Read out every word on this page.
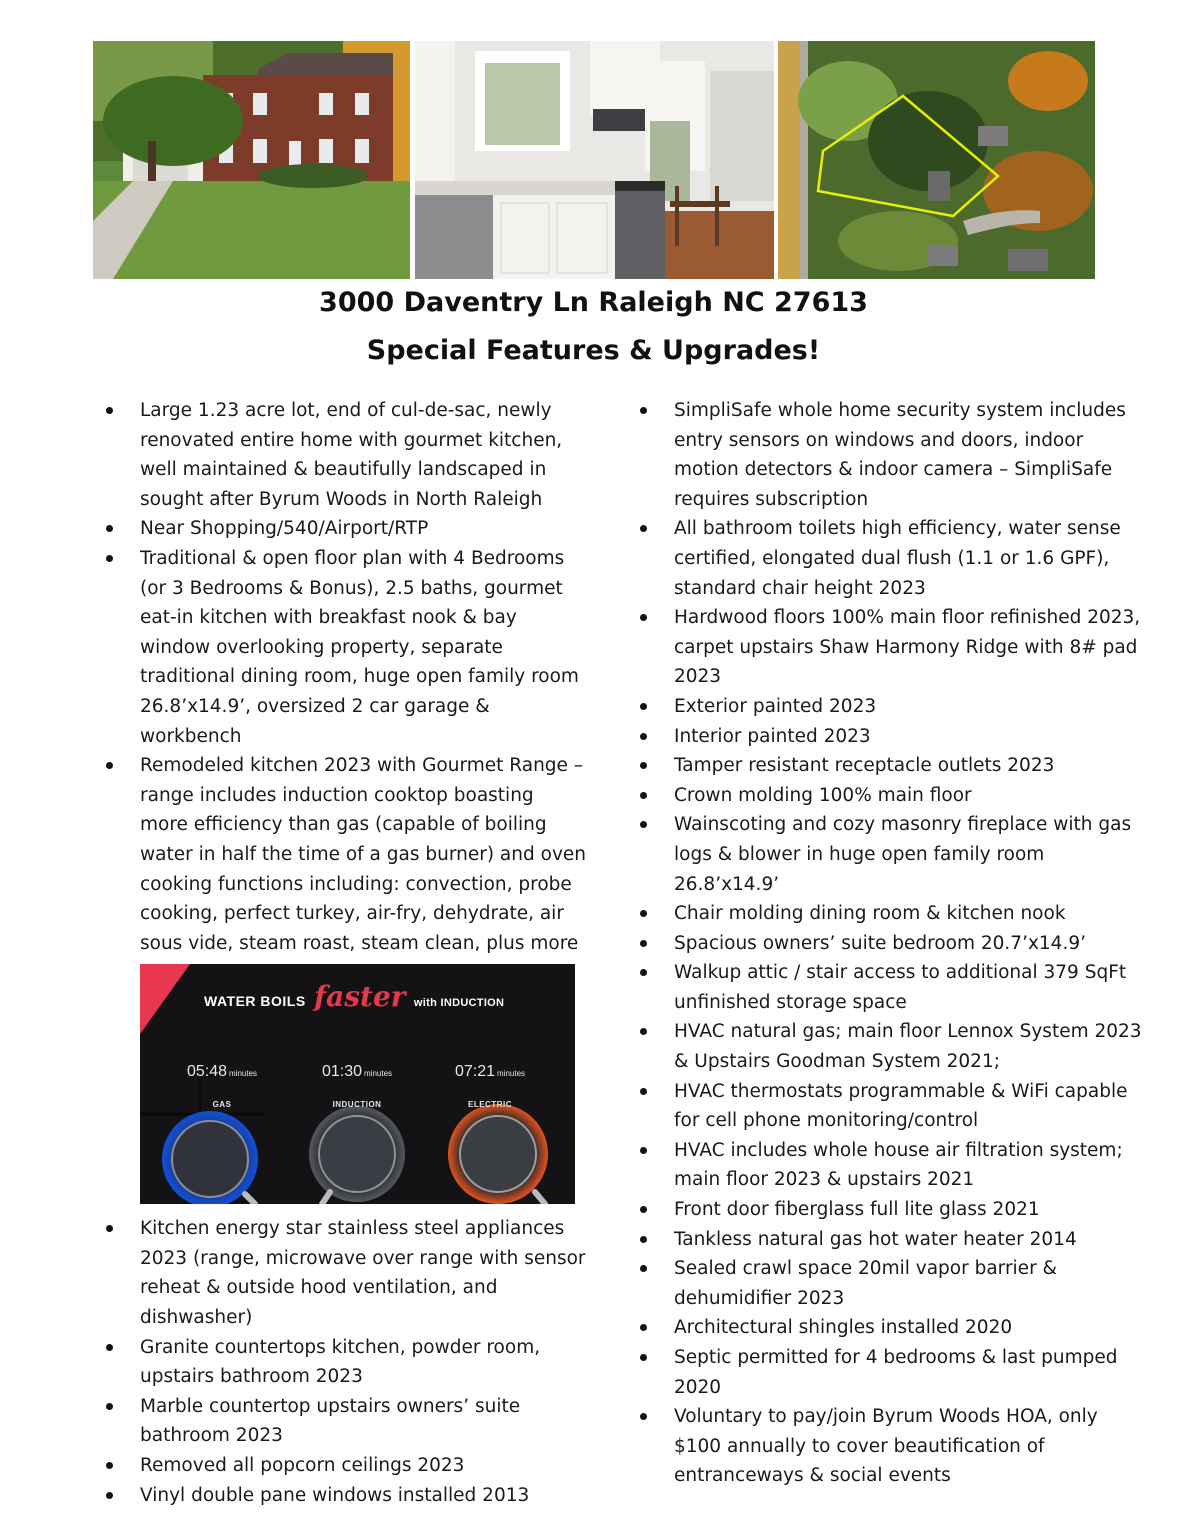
3000 Daventry Ln Raleigh NC 27613
Special Features & Upgrades!
Large 1.23 acre lot, end of cul-de-sac, newly renovated entire home with gourmet kitchen, well maintained & beautifully landscaped in sought after Byrum Woods in North Raleigh
Near Shopping/540/Airport/RTP
Traditional & open floor plan with 4 Bedrooms (or 3 Bedrooms & Bonus), 2.5 baths, gourmet eat-in kitchen with breakfast nook & bay window overlooking property, separate traditional dining room, huge open family room 26.8’x14.9’, oversized 2 car garage & workbench
Remodeled kitchen 2023 with Gourmet Range – range includes induction cooktop boasting more efficiency than gas (capable of boiling water in half the time of a gas burner) and oven cooking functions including: convection, probe cooking, perfect turkey, air-fry, dehydrate, air sous vide, steam roast, steam clean, plus more
WATER BOILS faster with INDUCTION
05:48 minutes
GAS
01:30 minutes
INDUCTION
07:21 minutes
ELECTRIC
Kitchen energy star stainless steel appliances 2023 (range, microwave over range with sensor reheat & outside hood ventilation, and dishwasher)
Granite countertops kitchen, powder room, upstairs bathroom 2023
Marble countertop upstairs owners’ suite bathroom 2023
Removed all popcorn ceilings 2023
Vinyl double pane windows installed 2013
SimpliSafe whole home security system includes entry sensors on windows and doors, indoor motion detectors & indoor camera – SimpliSafe requires subscription
All bathroom toilets high efficiency, water sense certified, elongated dual flush (1.1 or 1.6 GPF), standard chair height 2023
Hardwood floors 100% main floor refinished 2023, carpet upstairs Shaw Harmony Ridge with 8# pad 2023
Exterior painted 2023
Interior painted 2023
Tamper resistant receptacle outlets 2023
Crown molding 100% main floor
Wainscoting and cozy masonry fireplace with gas logs & blower in huge open family room 26.8’x14.9’
Chair molding dining room & kitchen nook
Spacious owners’ suite bedroom 20.7’x14.9’
Walkup attic / stair access to additional 379 SqFt unfinished storage space
HVAC natural gas; main floor Lennox System 2023 & Upstairs Goodman System 2021;
HVAC thermostats programmable & WiFi capable for cell phone monitoring/control
HVAC includes whole house air filtration system; main floor 2023 & upstairs 2021
Front door fiberglass full lite glass 2021
Tankless natural gas hot water heater 2014
Sealed crawl space 20mil vapor barrier & dehumidifier 2023
Architectural shingles installed 2020
Septic permitted for 4 bedrooms & last pumped 2020
Voluntary to pay/join Byrum Woods HOA, only $100 annually to cover beautification of entranceways & social events
